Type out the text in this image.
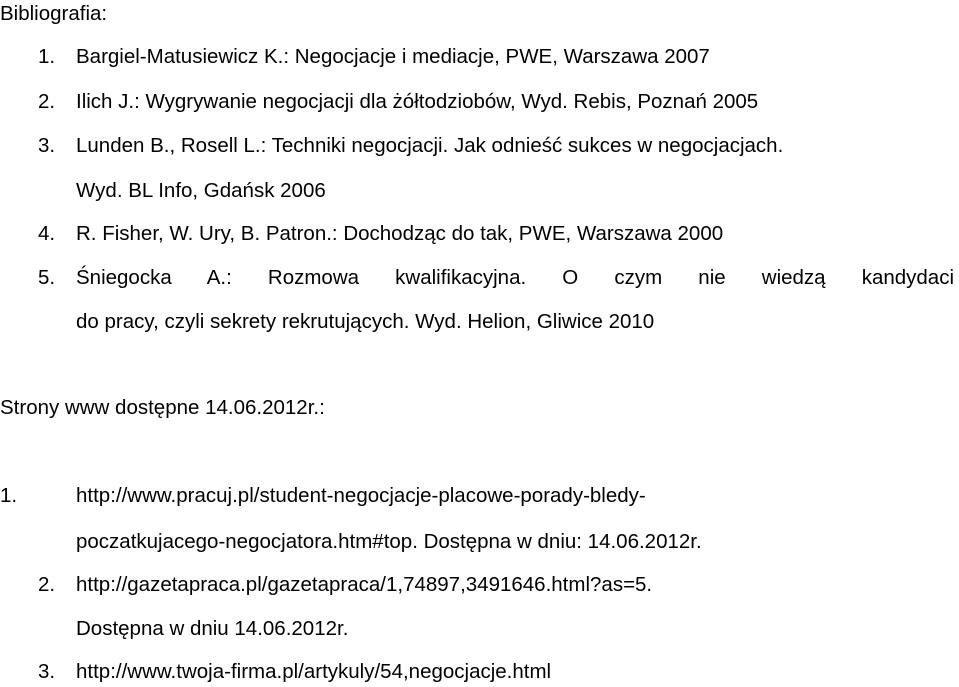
Bibliografia:
1. Bargiel-Matusiewicz K.: Negocjacje i mediacje, PWE, Warszawa 2007
2. Ilich J.: Wygrywanie negocjacji dla żółtodziobów, Wyd. Rebis, Poznań 2005
3. Lunden B., Rosell L.: Techniki negocjacji. Jak odnieść sukces w negocjacjach.
Wyd. BL Info, Gdańsk 2006
4. R. Fisher, W. Ury, B. Patron.: Dochodząc do tak, PWE, Warszawa 2000
5. Śniegocka A.: Rozmowa kwalifikacyjna. O czym nie wiedzą kandydaci
do pracy, czyli sekrety rekrutujących. Wyd. Helion, Gliwice 2010
Strony www dostępne 14.06.2012r.:
1.	http://www.pracuj.pl/student-negocjacje-placowe-porady-bledy-
poczatkujacego-negocjatora.htm#top. Dostępna w dniu: 14.06.2012r.
2. http://gazetapraca.pl/gazetapraca/1,74897,3491646.html?as=5.
Dostępna w dniu 14.06.2012r.
3. http://www.twoja-firma.pl/artykuly/54,negocjacje.html
